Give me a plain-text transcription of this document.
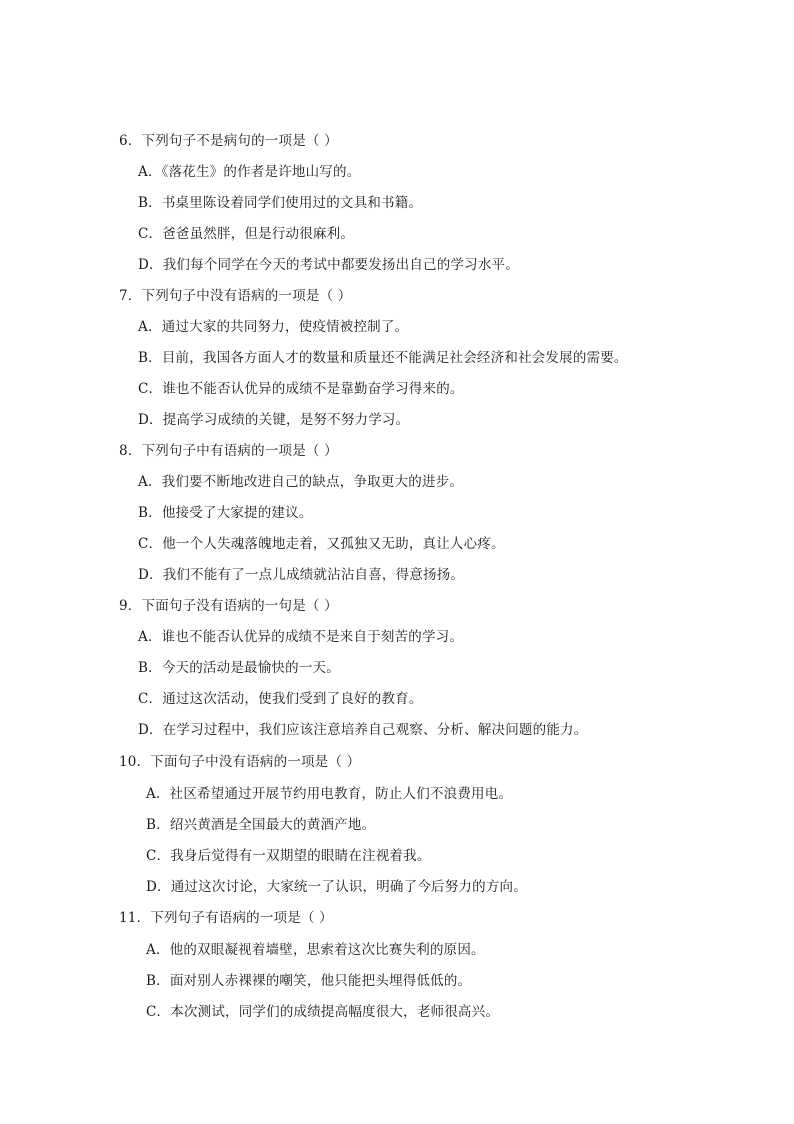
6．下列句子不是病句的一项是（ ）
A．《落花生》的作者是许地山写的。
B．书桌里陈设着同学们使用过的文具和书籍。
C．爸爸虽然胖，但是行动很麻利。
D．我们每个同学在今天的考试中都要发扬出自己的学习水平。
7．下列句子中没有语病的一项是（ ）
A．通过大家的共同努力，使疫情被控制了。
B．目前，我国各方面人才的数量和质量还不能满足社会经济和社会发展的需要。
C．谁也不能否认优异的成绩不是靠勤奋学习得来的。
D．提高学习成绩的关键，是努不努力学习。
8．下列句子中有语病的一项是（ ）
A．我们要不断地改进自己的缺点，争取更大的进步。
B．他接受了大家提的建议。
C．他一个人失魂落魄地走着，又孤独又无助，真让人心疼。
D．我们不能有了一点儿成绩就沾沾自喜，得意扬扬。
9．下面句子没有语病的一句是（ ）
A．谁也不能否认优异的成绩不是来自于刻苦的学习。
B．今天的活动是最愉快的一天。
C．通过这次活动，使我们受到了良好的教育。
D．在学习过程中，我们应该注意培养自己观察、分析、解决问题的能力。
10．下面句子中没有语病的一项是（ ）
A．社区希望通过开展节约用电教育，防止人们不浪费用电。
B．绍兴黄酒是全国最大的黄酒产地。
C．我身后觉得有一双期望的眼睛在注视着我。
D．通过这次讨论，大家统一了认识，明确了今后努力的方向。
11．下列句子有语病的一项是（ ）
A．他的双眼凝视着墙壁，思索着这次比赛失利的原因。
B．面对别人赤裸裸的嘲笑，他只能把头埋得低低的。
C．本次测试，同学们的成绩提高幅度很大，老师很高兴。
